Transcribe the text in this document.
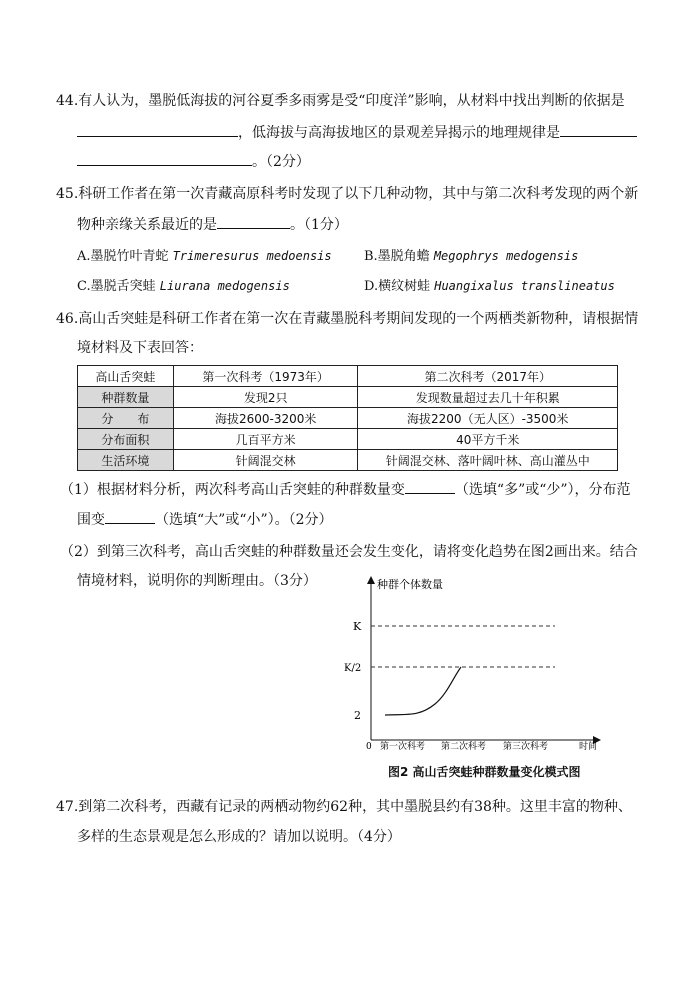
44.有人认为，墨脱低海拔的河谷夏季多雨雾是受“印度洋”影响，从材料中找出判断的依据是
，低海拔与高海拔地区的景观差异揭示的地理规律是
。（2分）
45.科研工作者在第一次青藏高原科考时发现了以下几种动物，其中与第二次科考发现的两个新
物种亲缘关系最近的是	。（1分）
A.墨脱竹叶青蛇 Trimeresurus medoensis B.墨脱角蟾 Megophrys medogensis
C.墨脱舌突蛙 Liurana medogensis	D.横纹树蛙 Huangixalus translineatus
46.高山舌突蛙是科研工作者在第一次在青藏墨脱科考期间发现的一个两栖类新物种，请根据情
境材料及下表回答：
高山舌突蛙	第一次科考（1973年）	第二次科考（2017年）
种群数量	发现2只	发现数量超过去几十年积累
分　　布	海拔2600-3200米	海拔2200（无人区）-3500米
分布面积	几百平方米	40平方千米
生活环境	针阔混交林	针阔混交林、落叶阔叶林、高山灌丛中
（1）根据材料分析，两次科考高山舌突蛙的种群数量变	（选填“多”或“少”），分布范
围变	（选填“大”或“小”）。（2分）
（2）到第三次科考，高山舌突蛙的种群数量还会发生变化，请将变化趋势在图2画出来。结合
情境材料，说明你的判断理由。（3分）	种群个体数量
K
K/2
2
0 第一次科考 第二次科考 第三次科考	时间
图2 高山舌突蛙种群数量变化模式图
47.到第二次科考，西藏有记录的两栖动物约62种，其中墨脱县约有38种。这里丰富的物种、
多样的生态景观是怎么形成的？请加以说明。（4分）
